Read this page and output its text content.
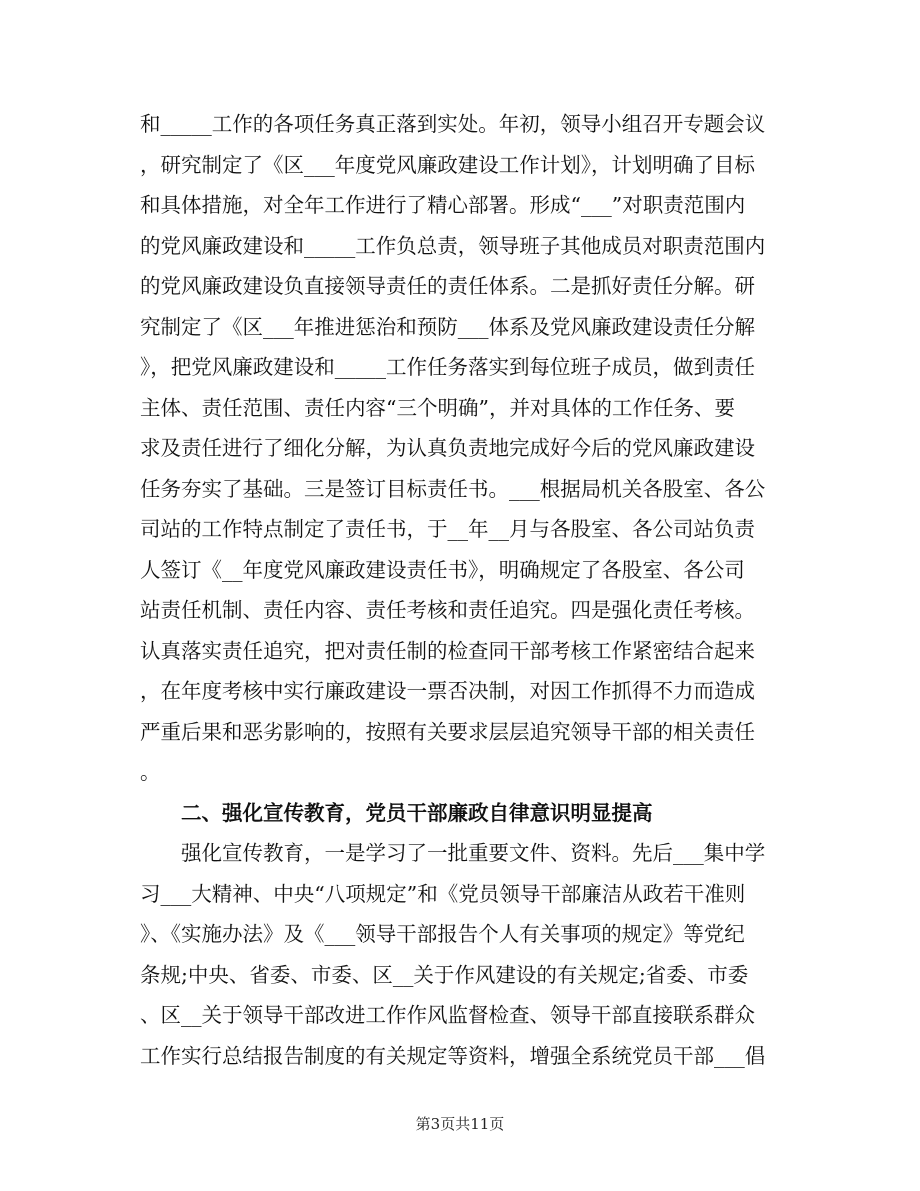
和_____工作的各项任务真正落到实处。年初，领导小组召开专题会议
，研究制定了《区___年度党风廉政建设工作计划》，计划明确了目标
和具体措施，对全年工作进行了精心部署。形成“___”对职责范围内
的党风廉政建设和_____工作负总责，领导班子其他成员对职责范围内
的党风廉政建设负直接领导责任的责任体系。二是抓好责任分解。研
究制定了《区___年推进惩治和预防___体系及党风廉政建设责任分解
》，把党风廉政建设和_____工作任务落实到每位班子成员，做到责任
主体、责任范围、责任内容“三个明确”，并对具体的工作任务、要
求及责任进行了细化分解，为认真负责地完成好今后的党风廉政建设
任务夯实了基础。三是签订目标责任书。___根据局机关各股室、各公
司站的工作特点制定了责任书，于__年__月与各股室、各公司站负责
人签订《__年度党风廉政建设责任书》，明确规定了各股室、各公司
站责任机制、责任内容、责任考核和责任追究。四是强化责任考核。
认真落实责任追究，把对责任制的检查同干部考核工作紧密结合起来
，在年度考核中实行廉政建设一票否决制，对因工作抓得不力而造成
严重后果和恶劣影响的，按照有关要求层层追究领导干部的相关责任
。
二、强化宣传教育，党员干部廉政自律意识明显提高
强化宣传教育，一是学习了一批重要文件、资料。先后___集中学
习___大精神、中央“八项规定”和《党员领导干部廉洁从政若干准则
》、《实施办法》及《___领导干部报告个人有关事项的规定》等党纪
条规;中央、省委、市委、区__关于作风建设的有关规定;省委、市委
、区__关于领导干部改进工作作风监督检查、领导干部直接联系群众
工作实行总结报告制度的有关规定等资料，增强全系统党员干部___倡
第3页共11页
